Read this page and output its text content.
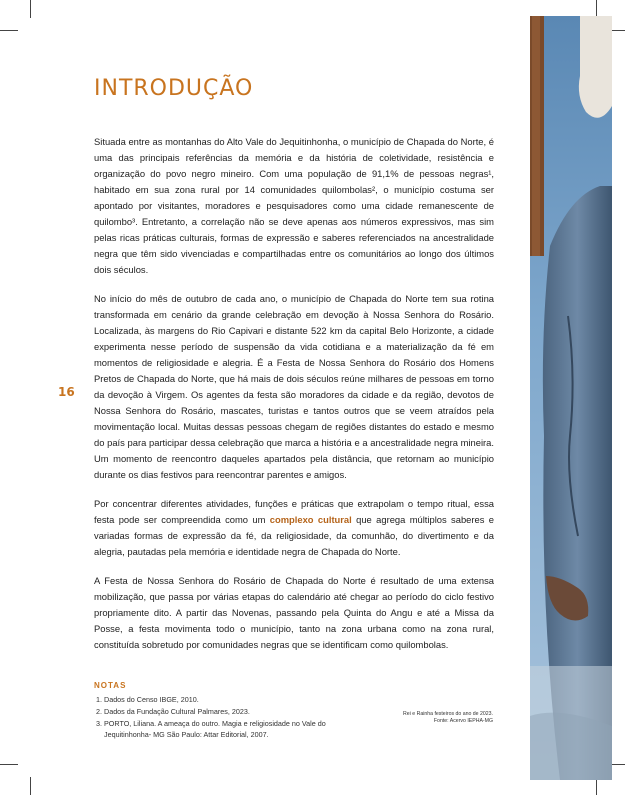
INTRODUÇÃO
16

Situada entre as montanhas do Alto Vale do Jequitinhonha, o município de Chapada do Norte, é uma das principais referências da memória e da história de coletividade, resistência e organização do povo negro mineiro. Com uma população de 91,1% de pessoas negras¹, habitado em sua zona rural por 14 comunidades quilombolas², o município costuma ser apontado por visitantes, moradores e pesquisadores como uma cidade remanescente de quilombo³. Entretanto, a correlação não se deve apenas aos números expressivos, mas sim pelas ricas práticas culturais, formas de expressão e saberes referenciados na ancestralidade negra que têm sido vivenciadas e compartilhadas entre os comunitários ao longo dos últimos dois séculos.

No início do mês de outubro de cada ano, o município de Chapada do Norte tem sua rotina transformada em cenário da grande celebração em devoção à Nossa Senhora do Rosário. Localizada, às margens do Rio Capivari e distante 522 km da capital Belo Horizonte, a cidade experimenta nesse período de suspensão da vida cotidiana e a materialização da fé em momentos de religiosidade e alegria. É a Festa de Nossa Senhora do Rosário dos Homens Pretos de Chapada do Norte, que há mais de dois séculos reúne milhares de pessoas em torno da devoção à Virgem. Os agentes da festa são moradores da cidade e da região, devotos de Nossa Senhora do Rosário, mascates, turistas e tantos outros que se veem atraídos pela movimentação local. Muitas dessas pessoas chegam de regiões distantes do estado e mesmo do país para participar dessa celebração que marca a história e a ancestralidade negra mineira. Um momento de reencontro daqueles apartados pela distância, que retornam ao município durante os dias festivos para reencontrar parentes e amigos.

Por concentrar diferentes atividades, funções e práticas que extrapolam o tempo ritual, essa festa pode ser compreendida como um complexo cultural que agrega múltiplos saberes e variadas formas de expressão da fé, da religiosidade, da comunhão, do divertimento e da alegria, pautadas pela memória e identidade negra de Chapada do Norte.

A Festa de Nossa Senhora do Rosário de Chapada do Norte é resultado de uma extensa mobilização, que passa por várias etapas do calendário até chegar ao período do ciclo festivo propriamente dito. A partir das Novenas, passando pela Quinta do Angu e até a Missa da Posse, a festa movimenta todo o município, tanto na zona urbana como na zona rural, constituída sobretudo por comunidades negras que se identificam como quilombolas.

NOTAS
1. Dados do Censo IBGE, 2010.
2. Dados da Fundação Cultural Palmares, 2023.
3. PORTO, Liliana. A ameaça do outro. Magia e religiosidade no Vale do Jequitinhonha- MG São Paulo: Attar Editorial, 2007.
Rei e Rainha festeiros do ano de 2023.
Fonte: Acervo IEPHA-MG
